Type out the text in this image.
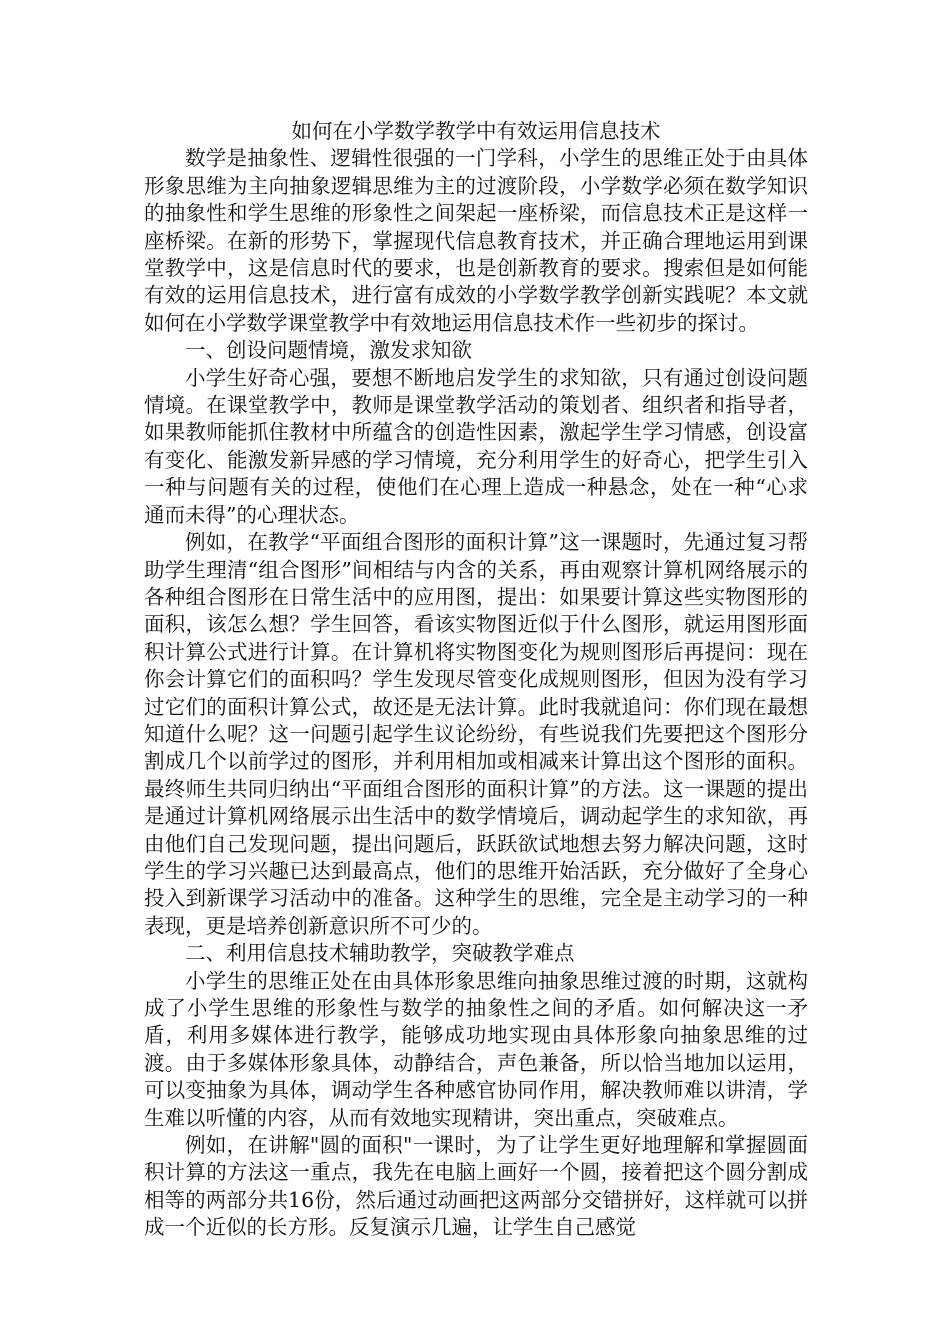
如何在小学数学教学中有效运用信息技术

数学是抽象性、逻辑性很强的一门学科，小学生的思维正处于由具体形象思维为主向抽象逻辑思维为主的过渡阶段，小学数学必须在数学知识的抽象性和学生思维的形象性之间架起一座桥梁，而信息技术正是这样一座桥梁。在新的形势下，掌握现代信息教育技术，并正确合理地运用到课堂教学中，这是信息时代的要求，也是创新教育的要求。搜索但是如何能有效的运用信息技术，进行富有成效的小学数学教学创新实践呢？本文就如何在小学数学课堂教学中有效地运用信息技术作一些初步的探讨。

一、创设问题情境，激发求知欲

小学生好奇心强，要想不断地启发学生的求知欲，只有通过创设问题情境。在课堂教学中，教师是课堂教学活动的策划者、组织者和指导者，如果教师能抓住教材中所蕴含的创造性因素，激起学生学习情感，创设富有变化、能激发新异感的学习情境，充分利用学生的好奇心，把学生引入一种与问题有关的过程，使他们在心理上造成一种悬念，处在一种“心求通而未得”的心理状态。

例如，在教学“平面组合图形的面积计算”这一课题时，先通过复习帮助学生理清“组合图形”间相结与内含的关系，再由观察计算机网络展示的各种组合图形在日常生活中的应用图，提出：如果要计算这些实物图形的面积，该怎么想？学生回答，看该实物图近似于什么图形，就运用图形面积计算公式进行计算。在计算机将实物图变化为规则图形后再提问：现在你会计算它们的面积吗？学生发现尽管变化成规则图形，但因为没有学习过它们的面积计算公式，故还是无法计算。此时我就追问：你们现在最想知道什么呢？这一问题引起学生议论纷纷，有些说我们先要把这个图形分割成几个以前学过的图形，并利用相加或相减来计算出这个图形的面积。最终师生共同归纳出“平面组合图形的面积计算”的方法。这一课题的提出是通过计算机网络展示出生活中的数学情境后，调动起学生的求知欲，再由他们自己发现问题，提出问题后，跃跃欲试地想去努力解决问题，这时学生的学习兴趣已达到最高点，他们的思维开始活跃，充分做好了全身心投入到新课学习活动中的准备。这种学生的思维，完全是主动学习的一种表现，更是培养创新意识所不可少的。

二、利用信息技术辅助教学，突破教学难点

小学生的思维正处在由具体形象思维向抽象思维过渡的时期，这就构成了小学生思维的形象性与数学的抽象性之间的矛盾。如何解决这一矛盾，利用多媒体进行教学，能够成功地实现由具体形象向抽象思维的过渡。由于多媒体形象具体，动静结合，声色兼备，所以恰当地加以运用，可以变抽象为具体，调动学生各种感官协同作用，解决教师难以讲清，学生难以听懂的内容，从而有效地实现精讲，突出重点，突破难点。

例如，在讲解"圆的面积"一课时，为了让学生更好地理解和掌握圆面积计算的方法这一重点，我先在电脑上画好一个圆，接着把这个圆分割成相等的两部分共16份，然后通过动画把这两部分交错拼好，这样就可以拼成一个近似的长方形。反复演示几遍，让学生自己感觉
